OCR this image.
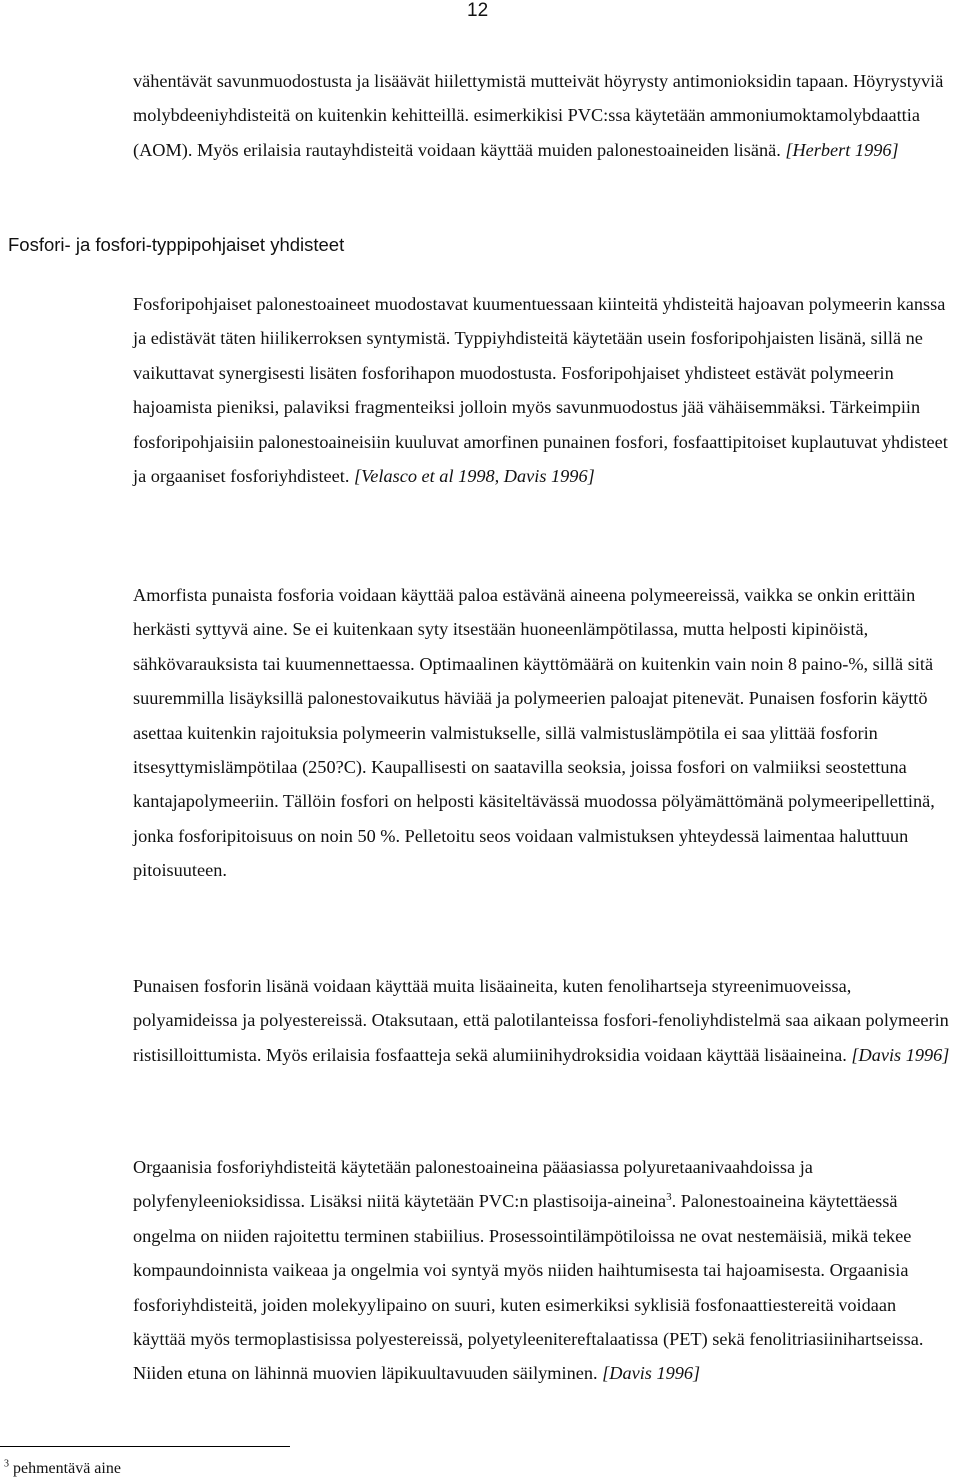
12

vähentävät savunmuodostusta ja lisäävät hiilettymistä mutteivät höyrysty antimonioksidin tapaan. Höyrystyviä molybdeeniyhdisteitä on kuitenkin kehitteillä. esimerkikisi PVC:ssa käytetään ammoniumoktamolybdaattia (AOM). Myös erilaisia rautayhdisteitä voidaan käyttää muiden palonestoaineiden lisänä. [Herbert 1996]

Fosfori- ja fosfori-typpipohjaiset yhdisteet

Fosforipohjaiset palonestoaineet muodostavat kuumentuessaan kiinteitä yhdisteitä hajoavan polymeerin kanssa ja edistävät täten hiilikerroksen syntymistä. Typpiyhdisteitä käytetään usein fosforipohjaisten lisänä, sillä ne vaikuttavat synergisesti lisäten fosforihapon muodostusta. Fosforipohjaiset yhdisteet estävät polymeerin hajoamista pieniksi, palaviksi fragmenteiksi jolloin myös savunmuodostus jää vähäisemmäksi. Tärkeimpiin fosforipohjaisiin palonestoaineisiin kuuluvat amorfinen punainen fosfori, fosfaattipitoiset kuplautuvat yhdisteet ja orgaaniset fosforiyhdisteet. [Velasco et al 1998, Davis 1996]

Amorfista punaista fosforia voidaan käyttää paloa estävänä aineena polymeereissä, vaikka se onkin erittäin herkästi syttyvä aine. Se ei kuitenkaan syty itsestään huoneenlämpötilassa, mutta helposti kipinöistä, sähkövarauksista tai kuumennettaessa. Optimaalinen käyttömäärä on kuitenkin vain noin 8 paino-%, sillä sitä suuremmilla lisäyksillä palonestovaikutus häviää ja polymeerien paloajat pitenevät. Punaisen fosforin käyttö asettaa kuitenkin rajoituksia polymeerin valmistukselle, sillä valmistuslämpötila ei saa ylittää fosforin itsesyttymislämpötilaa (250?C). Kaupallisesti on saatavilla seoksia, joissa fosfori on valmiiksi seostettuna kantajapolymeeriin. Tällöin fosfori on helposti käsiteltävässä muodossa pölyämättömänä polymeeripellettinä, jonka fosforipitoisuus on noin 50 %. Pelletoitu seos voidaan valmistuksen yhteydessä laimentaa haluttuun pitoisuuteen.

Punaisen fosforin lisänä voidaan käyttää muita lisäaineita, kuten fenolihartseja styreenimuoveissa, polyamideissa ja polyestereissä. Otaksutaan, että palotilanteissa fosfori-fenoliyhdistelmä saa aikaan polymeerin ristisilloittumista. Myös erilaisia fosfaatteja sekä alumiinihydroksidia voidaan käyttää lisäaineina. [Davis 1996]

Orgaanisia fosforiyhdisteitä käytetään palonestoaineina pääasiassa polyuretaanivaahdoissa ja polyfenyleenioksidissa. Lisäksi niitä käytetään PVC:n plastisoija-aineina$^3$. Palonestoaineina käytettäessä ongelma on niiden rajoitettu terminen stabiilius. Prosessointilämpötiloissa ne ovat nestemäisiä, mikä tekee kompaundoinnista vaikeaa ja ongelmia voi syntyä myös niiden haihtumisesta tai hajoamisesta. Orgaanisia fosforiyhdisteitä, joiden molekyylipaino on suuri, kuten esimerkiksi syklisiä fosfonaattiestereitä voidaan käyttää myös termoplastisissa polyestereissä, polyetyleenitereftalaatissa (PET) sekä fenolitriasiinihartseissa. Niiden etuna on lähinnä muovien läpikuultavuuden säilyminen. [Davis 1996]

$^3$ pehmentävä aine
